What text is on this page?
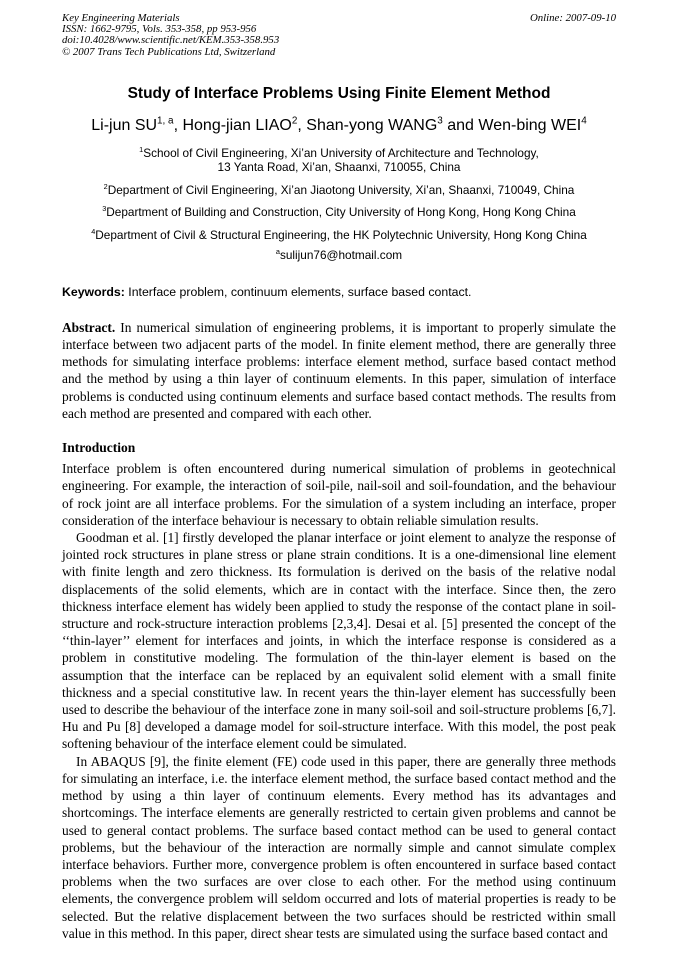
Key Engineering Materials
ISSN: 1662-9795, Vols. 353-358, pp 953-956
doi:10.4028/www.scientific.net/KEM.353-358.953
© 2007 Trans Tech Publications Ltd, Switzerland
Online: 2007-09-10
Study of Interface Problems Using Finite Element Method
Li-jun SU$^{1, a}$, Hong-jian LIAO$^2$, Shan-yong WANG$^3$ and Wen-bing WEI$^4$
$^1$School of Civil Engineering, Xi’an University of Architecture and Technology,
13 Yanta Road, Xi’an, Shaanxi, 710055, China
$^2$Department of Civil Engineering, Xi’an Jiaotong University, Xi’an, Shaanxi, 710049, China
$^3$Department of Building and Construction, City University of Hong Kong, Hong Kong China
$^4$Department of Civil & Structural Engineering, the HK Polytechnic University, Hong Kong China
$^a$sulijun76@hotmail.com
Keywords: Interface problem, continuum elements, surface based contact.

Abstract. In numerical simulation of engineering problems, it is important to properly simulate the interface between two adjacent parts of the model. In finite element method, there are generally three methods for simulating interface problems: interface element method, surface based contact method and the method by using a thin layer of continuum elements. In this paper, simulation of interface problems is conducted using continuum elements and surface based contact methods. The results from each method are presented and compared with each other.

Introduction

Interface problem is often encountered during numerical simulation of problems in geotechnical engineering. For example, the interaction of soil-pile, nail-soil and soil-foundation, and the behaviour of rock joint are all interface problems. For the simulation of a system including an interface, proper consideration of the interface behaviour is necessary to obtain reliable simulation results.

Goodman et al. [1] firstly developed the planar interface or joint element to analyze the response of jointed rock structures in plane stress or plane strain conditions. It is a one-dimensional line element with finite length and zero thickness. Its formulation is derived on the basis of the relative nodal displacements of the solid elements, which are in contact with the interface. Since then, the zero thickness interface element has widely been applied to study the response of the contact plane in soil-structure and rock-structure interaction problems [2,3,4]. Desai et al. [5] presented the concept of the ‘‘thin-layer’’ element for interfaces and joints, in which the interface response is considered as a problem in constitutive modeling. The formulation of the thin-layer element is based on the assumption that the interface can be replaced by an equivalent solid element with a small finite thickness and a special constitutive law. In recent years the thin-layer element has successfully been used to describe the behaviour of the interface zone in many soil-soil and soil-structure problems [6,7]. Hu and Pu [8] developed a damage model for soil-structure interface. With this model, the post peak softening behaviour of the interface element could be simulated.

In ABAQUS [9], the finite element (FE) code used in this paper, there are generally three methods for simulating an interface, i.e. the interface element method, the surface based contact method and the method by using a thin layer of continuum elements. Every method has its advantages and shortcomings. The interface elements are generally restricted to certain given problems and cannot be used to general contact problems. The surface based contact method can be used to general contact problems, but the behaviour of the interaction are normally simple and cannot simulate complex interface behaviors. Further more, convergence problem is often encountered in surface based contact problems when the two surfaces are over close to each other. For the method using continuum elements, the convergence problem will seldom occurred and lots of material properties is ready to be selected. But the relative displacement between the two surfaces should be restricted within small value in this method. In this paper, direct shear tests are simulated using the surface based contact and
